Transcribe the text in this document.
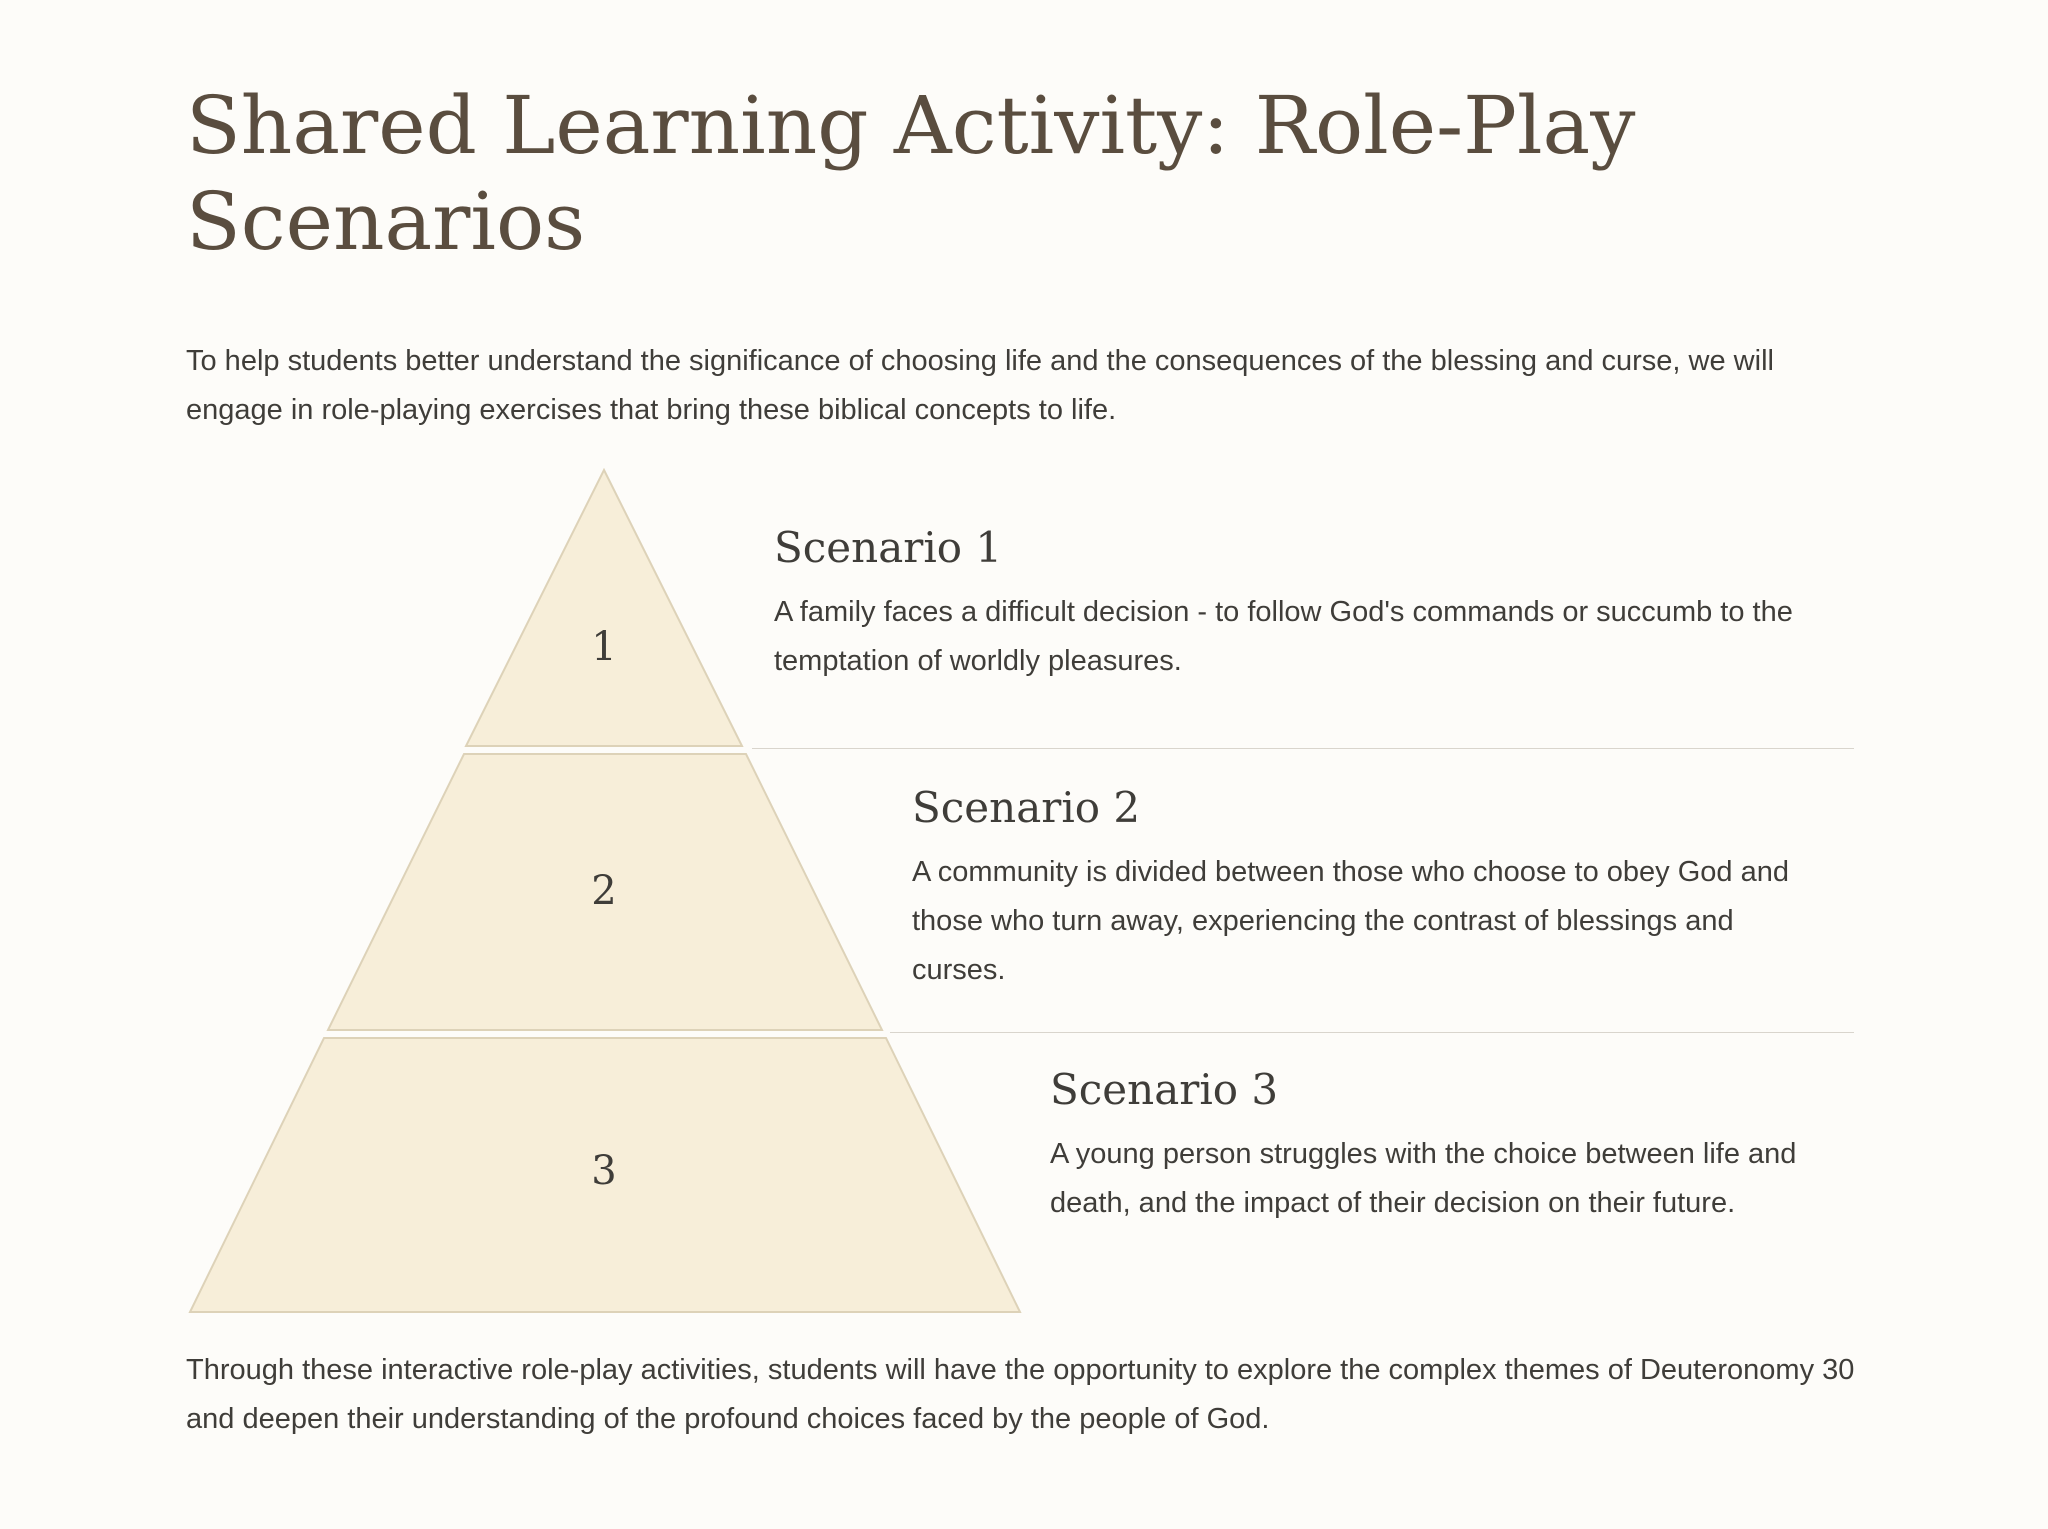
Shared Learning Activity: Role-Play Scenarios

To help students better understand the significance of choosing life and the consequences of the blessing and curse, we will engage in role-playing exercises that bring these biblical concepts to life.

1
2
3
Scenario 1

A family faces a difficult decision - to follow God's commands or succumb to the temptation of worldly pleasures.

Scenario 2

A community is divided between those who choose to obey God and those who turn away, experiencing the contrast of blessings and curses.

Scenario 3

A young person struggles with the choice between life and death, and the impact of their decision on their future.

Through these interactive role-play activities, students will have the opportunity to explore the complex themes of Deuteronomy 30 and deepen their understanding of the profound choices faced by the people of God.
